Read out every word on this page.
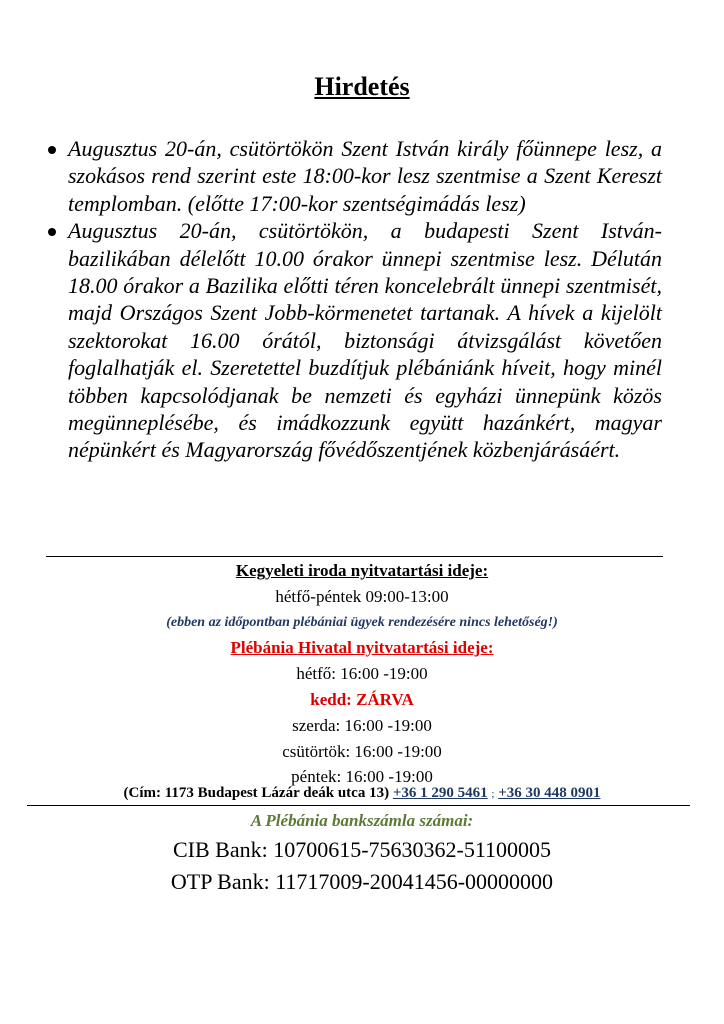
Hirdetés
Augusztus 20-án, csütörtökön Szent István király főünnepe lesz, a szokásos rend szerint este 18:00-kor lesz szentmise a Szent Kereszt templomban. (előtte 17:00-kor szentségimádás lesz)
Augusztus 20-án, csütörtökön, a budapesti Szent István-bazilikában délelőtt 10.00 órakor ünnepi szentmise lesz. Délután 18.00 órakor a Bazilika előtti téren koncelebrált ünnepi szentmisét, majd Országos Szent Jobb-körmenetet tartanak. A hívek a kijelölt szektorokat 16.00 órától, biztonsági átvizsgálást követően foglalhatják el. Szeretettel buzdítjuk plébániánk híveit, hogy minél többen kapcsolódjanak be nemzeti és egyházi ünnepünk közös megünneplésébe, és imádkozzunk együtt hazánkért, magyar népünkért és Magyarország fővédőszentjének közbenjárásáért.
Kegyeleti iroda nyitvatartási ideje:
hétfő-péntek 09:00-13:00
(ebben az időpontban plébániai ügyek rendezésére nincs lehetőség!)
Plébánia Hivatal nyitvatartási ideje:
hétfő: 16:00 -19:00
kedd: ZÁRVA
szerda: 16:00 -19:00
csütörtök: 16:00 -19:00
péntek: 16:00 -19:00
(Cím: 1173 Budapest Lázár deák utca 13) +36 1 290 5461 ; +36 30 448 0901
A Plébánia bankszámla számai:
CIB Bank: 10700615-75630362-51100005
OTP Bank: 11717009-20041456-00000000
